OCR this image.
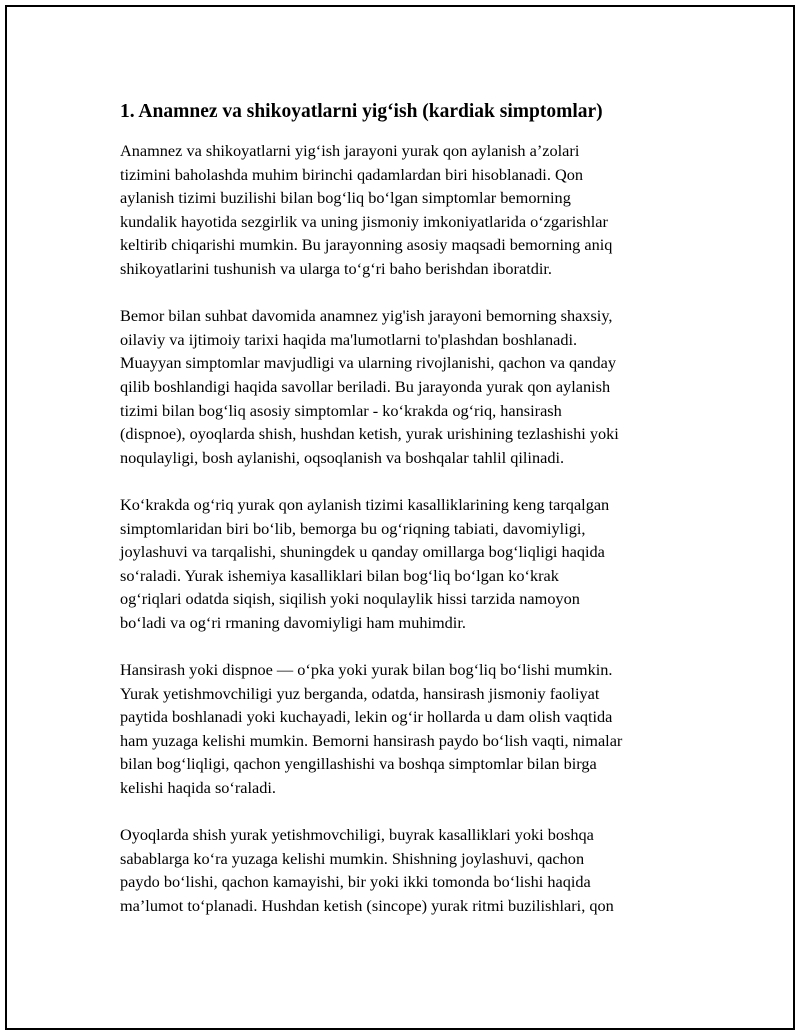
1. Anamnez va shikoyatlarni yig‘ish (kardiak simptomlar)

Anamnez va shikoyatlarni yig‘ish jarayoni yurak qon aylanish a’zolari
tizimini baholashda muhim birinchi qadamlardan biri hisoblanadi. Qon
aylanish tizimi buzilishi bilan bog‘liq bo‘lgan simptomlar bemorning
kundalik hayotida sezgirlik va uning jismoniy imkoniyatlarida o‘zgarishlar
keltirib chiqarishi mumkin. Bu jarayonning asosiy maqsadi bemorning aniq
shikoyatlarini tushunish va ularga to‘g‘ri baho berishdan iboratdir.

Bemor bilan suhbat davomida anamnez yig'ish jarayoni bemorning shaxsiy,
oilaviy va ijtimoiy tarixi haqida ma'lumotlarni to'plashdan boshlanadi.
Muayyan simptomlar mavjudligi va ularning rivojlanishi, qachon va qanday
qilib boshlandigi haqida savollar beriladi. Bu jarayonda yurak qon aylanish
tizimi bilan bog‘liq asosiy simptomlar - ko‘krakda og‘riq, hansirash
(dispnoe), oyoqlarda shish, hushdan ketish, yurak urishining tezlashishi yoki
noqulayligi, bosh aylanishi, oqsoqlanish va boshqalar tahlil qilinadi.

Ko‘krakda og‘riq yurak qon aylanish tizimi kasalliklarining keng tarqalgan
simptomlaridan biri bo‘lib, bemorga bu og‘riqning tabiati, davomiyligi,
joylashuvi va tarqalishi, shuningdek u qanday omillarga bog‘liqligi haqida
so‘raladi. Yurak ishemiya kasalliklari bilan bog‘liq bo‘lgan ko‘krak
og‘riqlari odatda siqish, siqilish yoki noqulaylik hissi tarzida namoyon
bo‘ladi va og‘ri rmaning davomiyligi ham muhimdir.

Hansirash yoki dispnoe — o‘pka yoki yurak bilan bog‘liq bo‘lishi mumkin.
Yurak yetishmovchiligi yuz berganda, odatda, hansirash jismoniy faoliyat
paytida boshlanadi yoki kuchayadi, lekin og‘ir hollarda u dam olish vaqtida
ham yuzaga kelishi mumkin. Bemorni hansirash paydo bo‘lish vaqti, nimalar
bilan bog‘liqligi, qachon yengillashishi va boshqa simptomlar bilan birga
kelishi haqida so‘raladi.

Oyoqlarda shish yurak yetishmovchiligi, buyrak kasalliklari yoki boshqa
sabablarga ko‘ra yuzaga kelishi mumkin. Shishning joylashuvi, qachon
paydo bo‘lishi, qachon kamayishi, bir yoki ikki tomonda bo‘lishi haqida
ma’lumot to‘planadi. Hushdan ketish (sincope) yurak ritmi buzilishlari, qon
